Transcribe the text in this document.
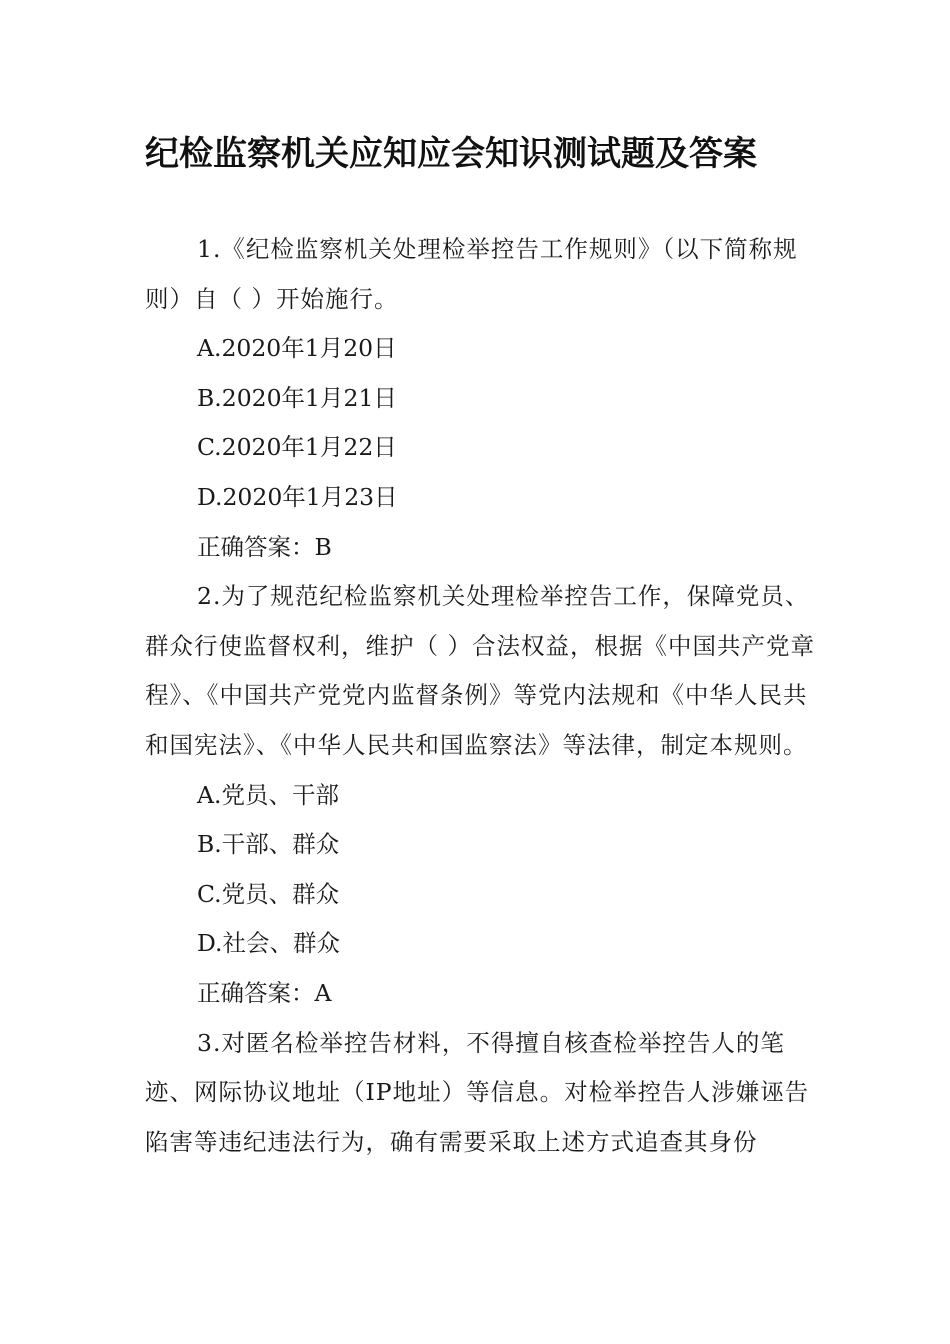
纪检监察机关应知应会知识测试题及答案

1.《纪检监察机关处理检举控告工作规则》（以下简称规则）自（ ）开始施行。

A.2020年1月20日

B.2020年1月21日

C.2020年1月22日

D.2020年1月23日

正确答案：B

2.为了规范纪检监察机关处理检举控告工作，保障党员、群众行使监督权利，维护（ ）合法权益，根据《中国共产党章程》、《中国共产党党内监督条例》等党内法规和《中华人民共和国宪法》、《中华人民共和国监察法》等法律，制定本规则。

A.党员、干部

B.干部、群众

C.党员、群众

D.社会、群众

正确答案：A

3.对匿名检举控告材料，不得擅自核查检举控告人的笔迹、网际协议地址（IP地址）等信息。对检举控告人涉嫌诬告陷害等违纪违法行为，确有需要采取上述方式追查其身份
